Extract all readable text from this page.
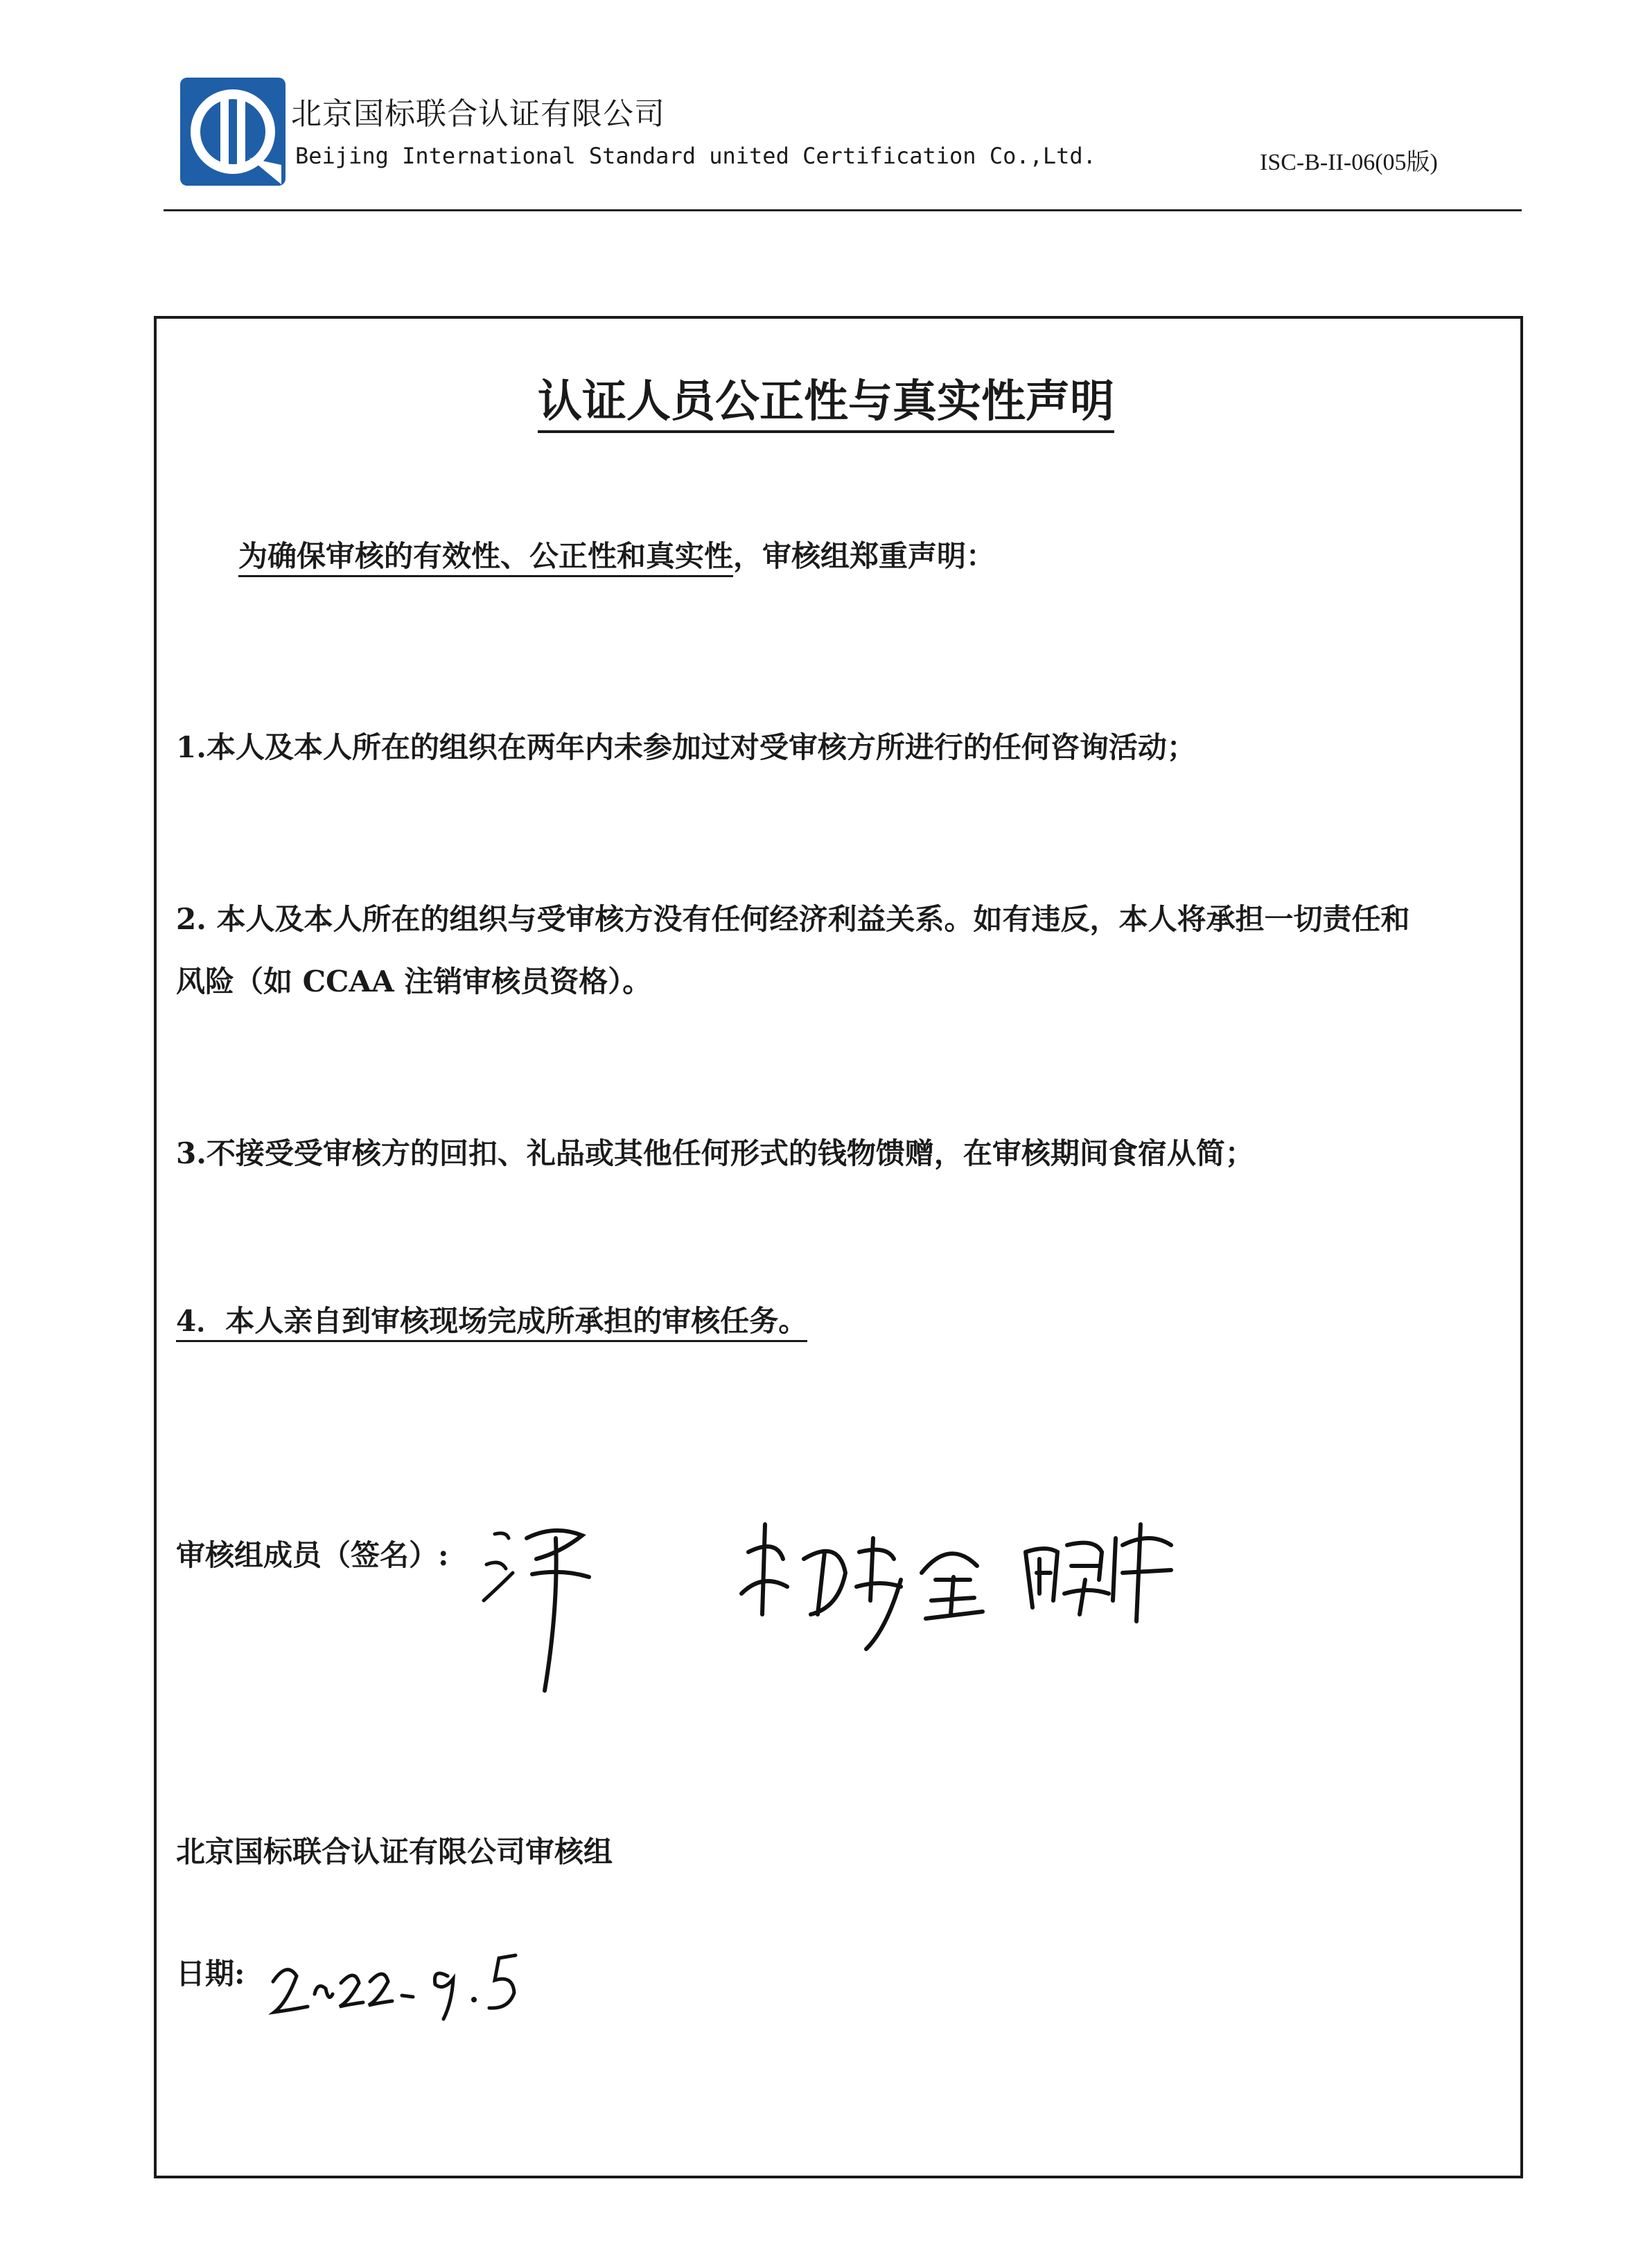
北京国标联合认证有限公司
Beijing International Standard united Certification Co.,Ltd.	ISC-B-II-06(05版)
认证人员公正性与真实性声明
为确保审核的有效性、公正性和真实性，审核组郑重声明：
1.本人及本人所在的组织在两年内未参加过对受审核方所进行的任何咨询活动；
2. 本人及本人所在的组织与受审核方没有任何经济利益关系。如有违反，本人将承担一切责任和
风险（如 CCAA 注销审核员资格）。
3.不接受受审核方的回扣、礼品或其他任何形式的钱物馈赠，在审核期间食宿从简；
4．本人亲自到审核现场完成所承担的审核任务。
审核组成员（签名）:
北京国标联合认证有限公司审核组
日期:
